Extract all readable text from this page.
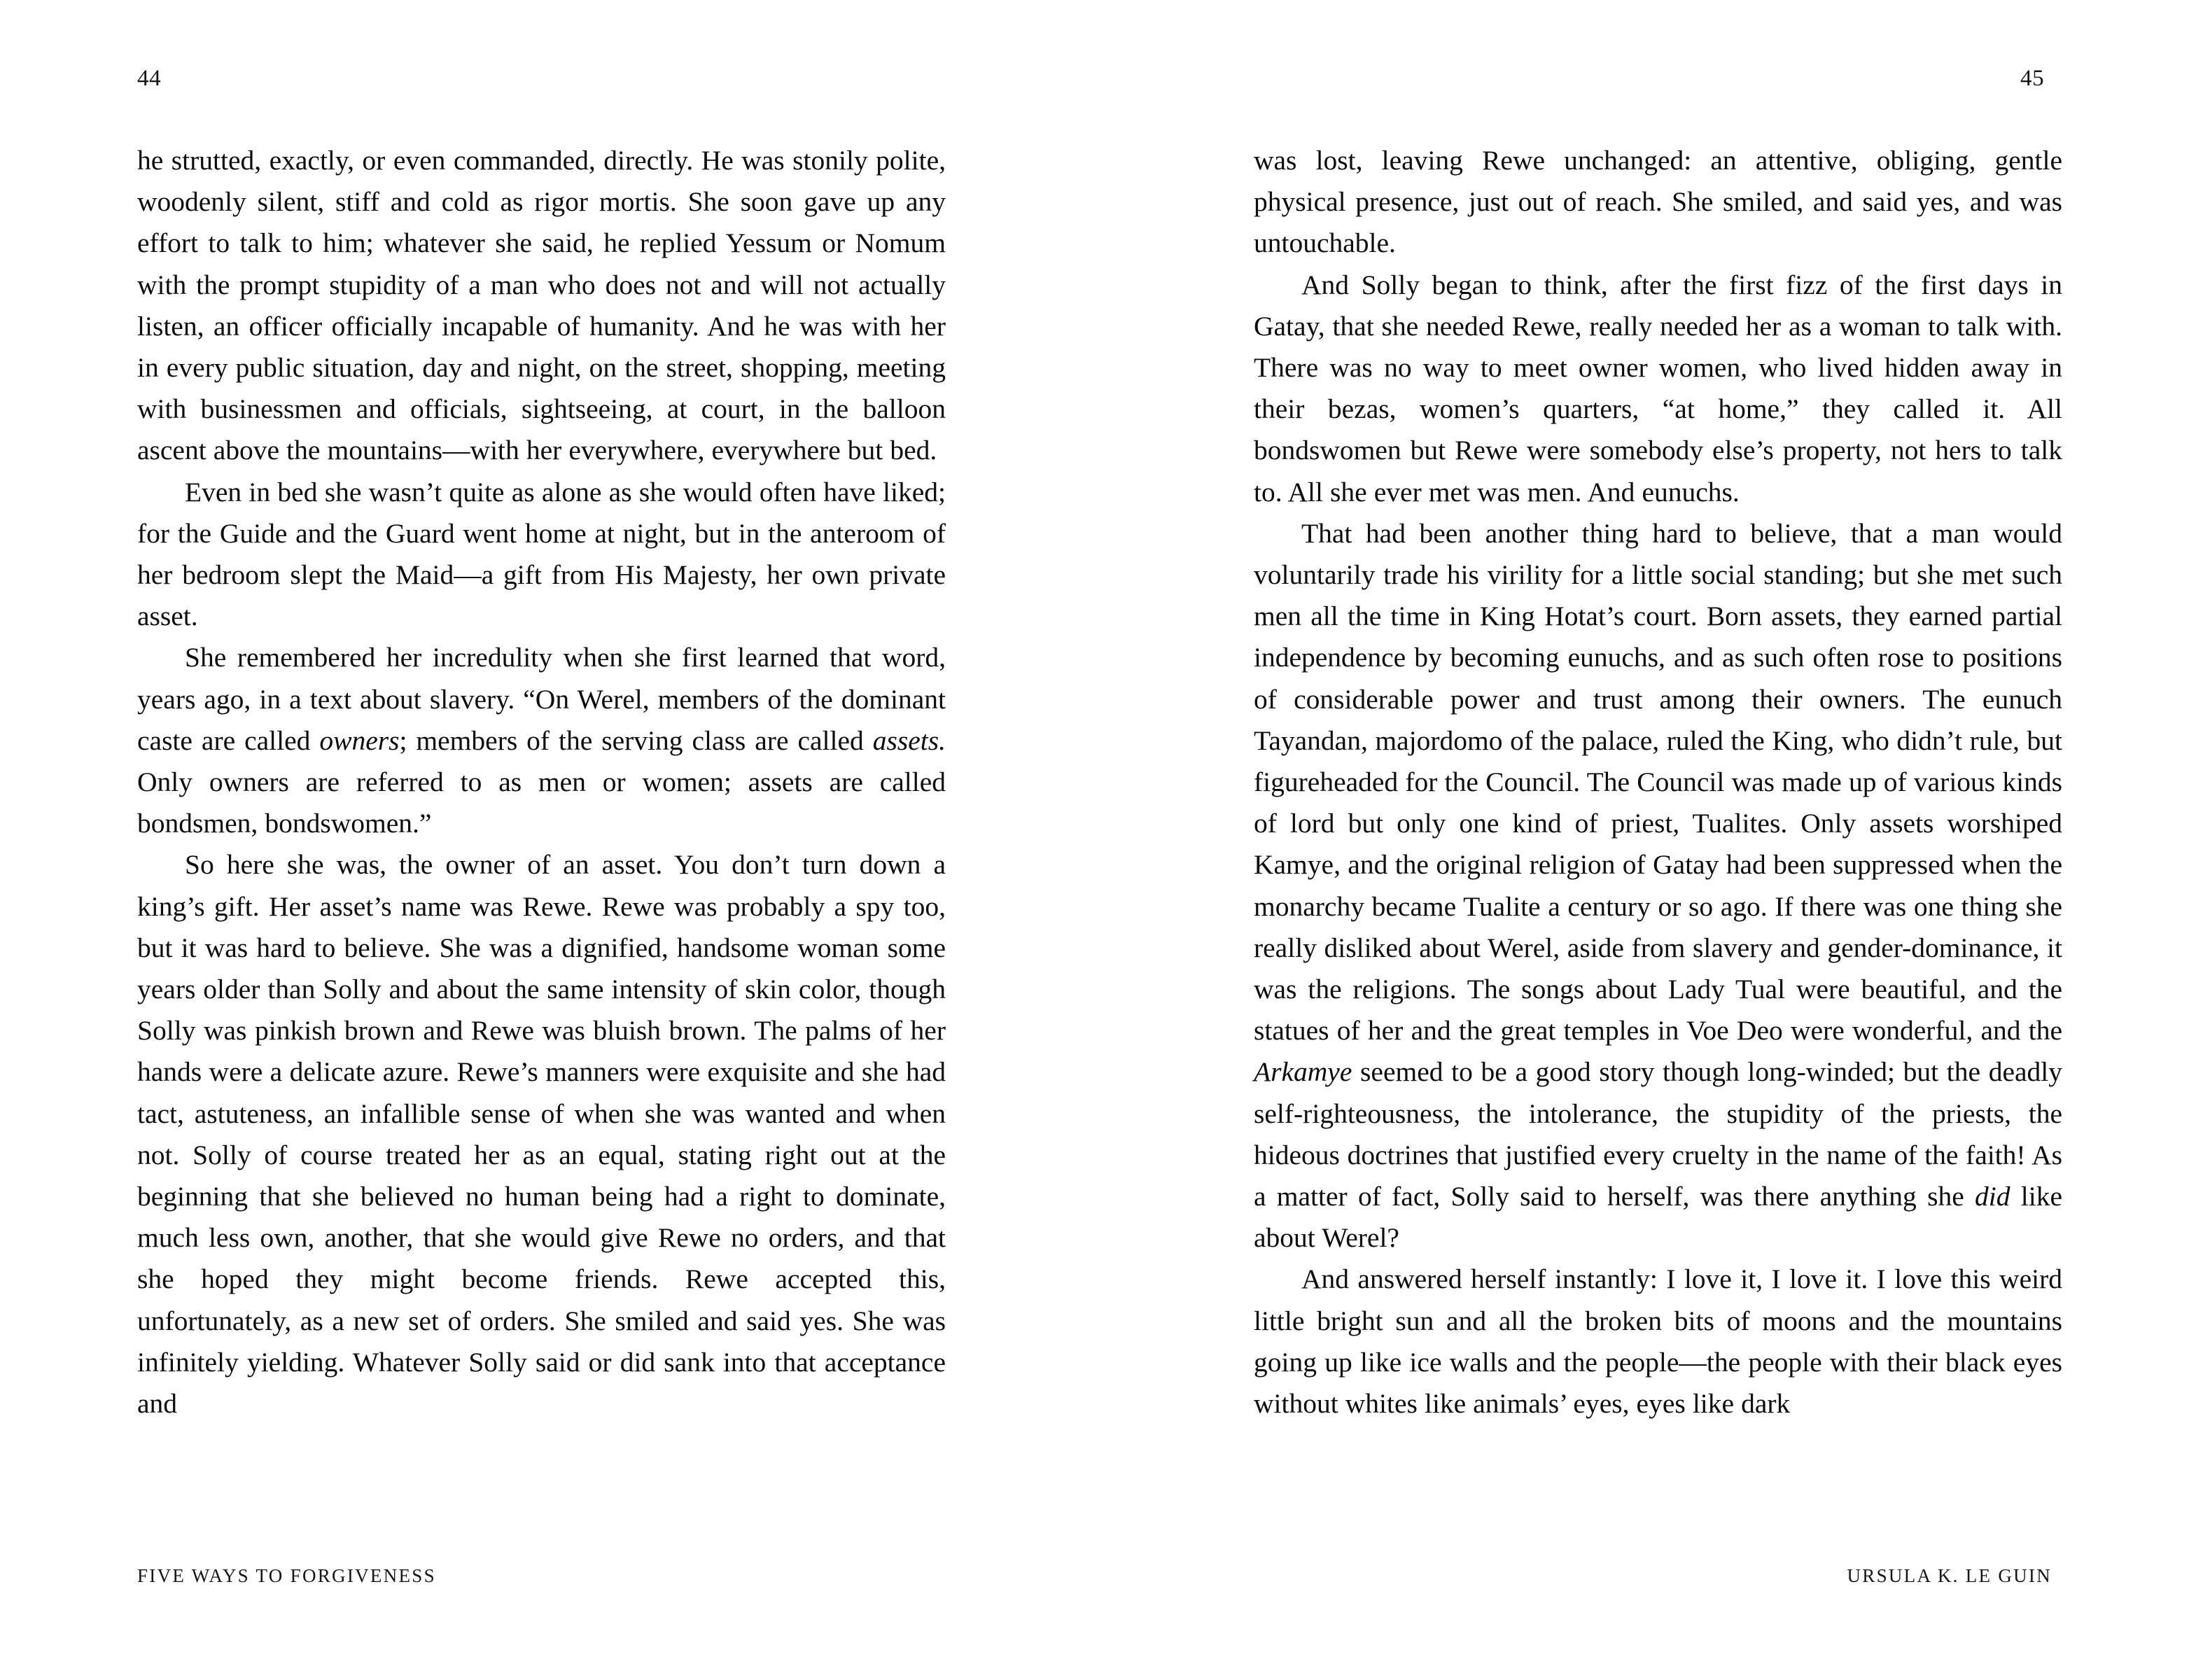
44	45

he strutted, exactly, or even commanded, directly. He was stonily polite, woodenly silent, stiff and cold as rigor mortis. She soon gave up any effort to talk to him; whatever she said, he replied Yessum or Nomum with the prompt stupidity of a man who does not and will not actually listen, an officer officially incapable of humanity. And he was with her in every public situation, day and night, on the street, shopping, meeting with businessmen and officials, sightseeing, at court, in the balloon ascent above the mountains—with her everywhere, everywhere but bed.

Even in bed she wasn’t quite as alone as she would often have liked; for the Guide and the Guard went home at night, but in the anteroom of her bedroom slept the Maid—a gift from His Majesty, her own private asset.

She remembered her incredulity when she first learned that word, years ago, in a text about slavery. “On Werel, members of the dominant caste are called owners; members of the serving class are called assets. Only owners are referred to as men or women; assets are called bondsmen, bondswomen.”

So here she was, the owner of an asset. You don’t turn down a king’s gift. Her asset’s name was Rewe. Rewe was probably a spy too, but it was hard to believe. She was a dignified, handsome woman some years older than Solly and about the same intensity of skin color, though Solly was pinkish brown and Rewe was bluish brown. The palms of her hands were a delicate azure. Rewe’s manners were exquisite and she had tact, astuteness, an infallible sense of when she was wanted and when not. Solly of course treated her as an equal, stating right out at the beginning that she believed no human being had a right to dominate, much less own, another, that she would give Rewe no orders, and that she hoped they might become friends. Rewe accepted this, unfortunately, as a new set of orders. She smiled and said yes. She was infinitely yielding. Whatever Solly said or did sank into that acceptance and

was lost, leaving Rewe unchanged: an attentive, obliging, gentle physical presence, just out of reach. She smiled, and said yes, and was untouchable.

And Solly began to think, after the first fizz of the first days in Gatay, that she needed Rewe, really needed her as a woman to talk with. There was no way to meet owner women, who lived hidden away in their bezas, women’s quarters, “at home,” they called it. All bondswomen but Rewe were somebody else’s property, not hers to talk to. All she ever met was men. And eunuchs.

That had been another thing hard to believe, that a man would voluntarily trade his virility for a little social standing; but she met such men all the time in King Hotat’s court. Born assets, they earned partial independence by becoming eunuchs, and as such often rose to positions of considerable power and trust among their owners. The eunuch Tayandan, majordomo of the palace, ruled the King, who didn’t rule, but figureheaded for the Council. The Council was made up of various kinds of lord but only one kind of priest, Tualites. Only assets worshiped Kamye, and the original religion of Gatay had been suppressed when the monarchy became Tualite a century or so ago. If there was one thing she really disliked about Werel, aside from slavery and gender-dominance, it was the religions. The songs about Lady Tual were beautiful, and the statues of her and the great temples in Voe Deo were wonderful, and the Arkamye seemed to be a good story though long-winded; but the deadly self-righteousness, the intolerance, the stupidity of the priests, the hideous doctrines that justified every cruelty in the name of the faith! As a matter of fact, Solly said to herself, was there anything she did like about Werel?

And answered herself instantly: I love it, I love it. I love this weird little bright sun and all the broken bits of moons and the mountains going up like ice walls and the people—the people with their black eyes without whites like animals’ eyes, eyes like dark

FIVE WAYS TO FORGIVENESS	URSULA K. LE GUIN
